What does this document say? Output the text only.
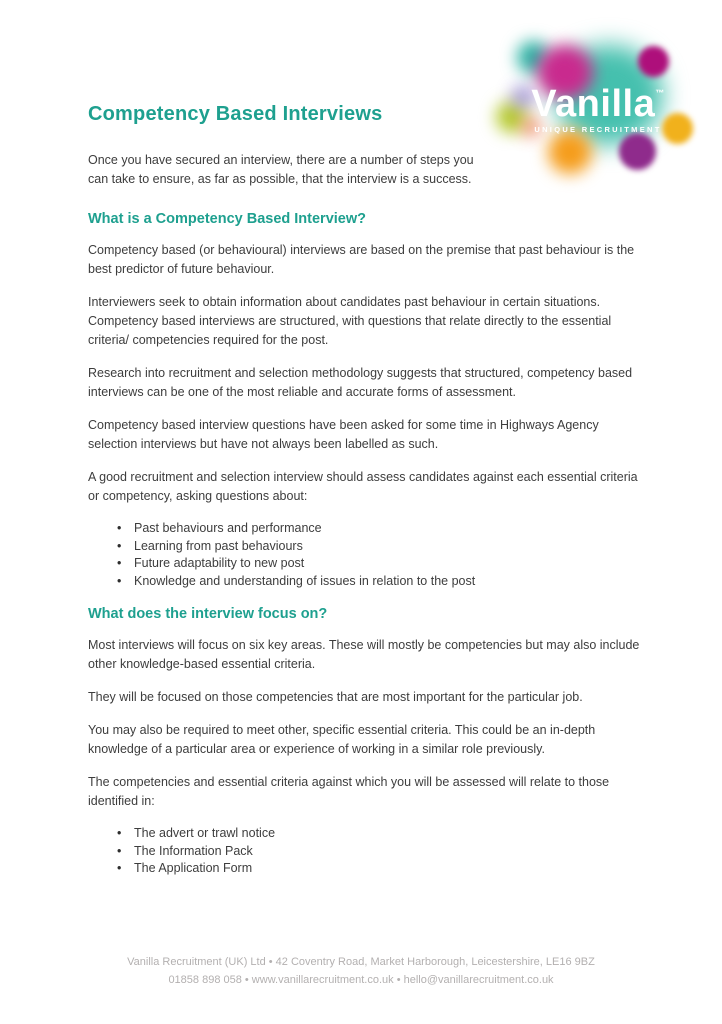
Vanilla™
UNIQUE RECRUITMENT
Competency Based Interviews

Once you have secured an interview, there are a number of steps you can take to ensure, as far as possible, that the interview is a success.

What is a Competency Based Interview?

Competency based (or behavioural) interviews are based on the premise that past behaviour is the best predictor of future behaviour.

Interviewers seek to obtain information about candidates past behaviour in certain situations. Competency based interviews are structured, with questions that relate directly to the essential criteria/ competencies required for the post.

Research into recruitment and selection methodology suggests that structured, competency based interviews can be one of the most reliable and accurate forms of assessment.

Competency based interview questions have been asked for some time in Highways Agency selection interviews but have not always been labelled as such.

A good recruitment and selection interview should assess candidates against each essential criteria or competency, asking questions about:

• Past behaviours and performance
• Learning from past behaviours
• Future adaptability to new post
• Knowledge and understanding of issues in relation to the post
What does the interview focus on?

Most interviews will focus on six key areas. These will mostly be competencies but may also include other knowledge-based essential criteria.

They will be focused on those competencies that are most important for the particular job.

You may also be required to meet other, specific essential criteria. This could be an in-depth knowledge of a particular area or experience of working in a similar role previously.

The competencies and essential criteria against which you will be assessed will relate to those identified in:

• The advert or trawl notice
• The Information Pack
• The Application Form
Vanilla Recruitment (UK) Ltd • 42 Coventry Road, Market Harborough, Leicestershire, LE16 9BZ
01858 898 058 • www.vanillarecruitment.co.uk • hello@vanillarecruitment.co.uk
